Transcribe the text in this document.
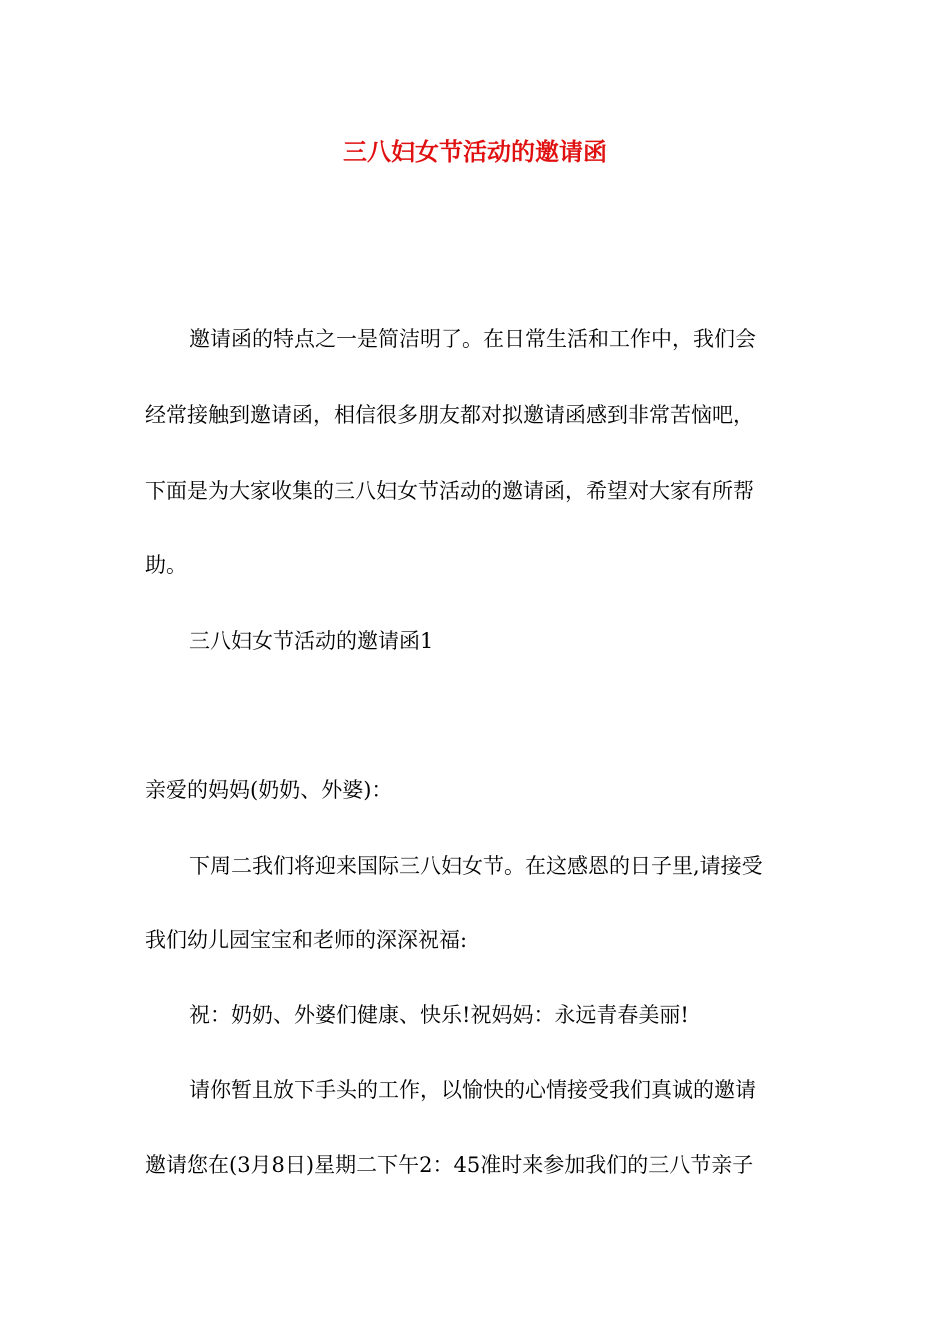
三八妇女节活动的邀请函
邀请函的特点之一是简洁明了。在日常生活和工作中，我们会
经常接触到邀请函，相信很多朋友都对拟邀请函感到非常苦恼吧，
下面是为大家收集的三八妇女节活动的邀请函，希望对大家有所帮
助。
三八妇女节活动的邀请函1
亲爱的妈妈(奶奶、外婆)：
下周二我们将迎来国际三八妇女节。在这感恩的日子里,请接受
我们幼儿园宝宝和老师的深深祝福:
祝：奶奶、外婆们健康、快乐!祝妈妈：永远青春美丽!
请你暂且放下手头的工作，以愉快的心情接受我们真诚的邀请
邀请您在(3月8日)星期二下午2：45准时来参加我们的三八节亲子
